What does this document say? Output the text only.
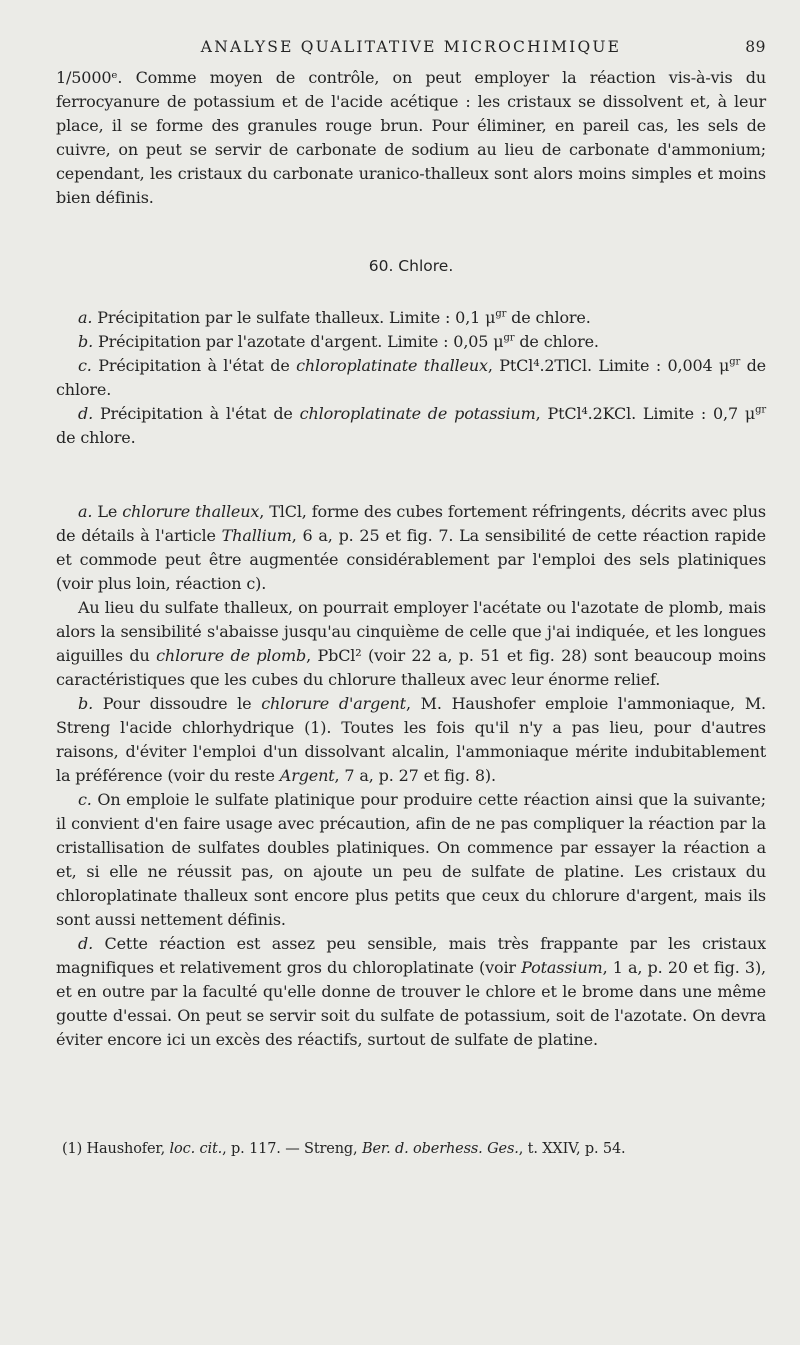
ANALYSE QUALITATIVE MICROCHIMIQUE	89

1/5000ᵉ. Comme moyen de contrôle, on peut employer la réaction vis-à-vis du ferrocyanure de potassium et de l'acide acétique : les cristaux se dissolvent et, à leur place, il se forme des granules rouge brun. Pour éliminer, en pareil cas, les sels de cuivre, on peut se servir de carbonate de sodium au lieu de carbonate d'ammonium; cependant, les cristaux du carbonate uranico-thalleux sont alors moins simples et moins bien définis.

60. Chlore.

a. Précipitation par le sulfate thalleux. Limite : 0,1 $\mu^{gr}$ de chlore.

b. Précipitation par l'azotate d'argent. Limite : 0,05 $\mu^{gr}$ de chlore.

c. Précipitation à l'état de chloroplatinate thalleux, PtCl⁴.2TlCl. Limite : 0,004 $\mu^{gr}$ de chlore.

d. Précipitation à l'état de chloroplatinate de potassium, PtCl⁴.2KCl. Limite : 0,7 $\mu^{gr}$ de chlore.

a. Le chlorure thalleux, TlCl, forme des cubes fortement réfringents, décrits avec plus de détails à l'article Thallium, 6 a, p. 25 et fig. 7. La sensibilité de cette réaction rapide et commode peut être augmentée considérablement par l'emploi des sels platiniques (voir plus loin, réaction c).

Au lieu du sulfate thalleux, on pourrait employer l'acétate ou l'azotate de plomb, mais alors la sensibilité s'abaisse jusqu'au cinquième de celle que j'ai indiquée, et les longues aiguilles du chlorure de plomb, PbCl² (voir 22 a, p. 51 et fig. 28) sont beaucoup moins caractéristiques que les cubes du chlorure thalleux avec leur énorme relief.

b. Pour dissoudre le chlorure d'argent, M. Haushofer emploie l'ammoniaque, M. Streng l'acide chlorhydrique (1). Toutes les fois qu'il n'y a pas lieu, pour d'autres raisons, d'éviter l'emploi d'un dissolvant alcalin, l'ammoniaque mérite indubitablement la préférence (voir du reste Argent, 7 a, p. 27 et fig. 8).

c. On emploie le sulfate platinique pour produire cette réaction ainsi que la suivante; il convient d'en faire usage avec précaution, afin de ne pas compliquer la réaction par la cristallisation de sulfates doubles platiniques. On commence par essayer la réaction a et, si elle ne réussit pas, on ajoute un peu de sulfate de platine. Les cristaux du chloroplatinate thalleux sont encore plus petits que ceux du chlorure d'argent, mais ils sont aussi nettement définis.

d. Cette réaction est assez peu sensible, mais très frappante par les cristaux magnifiques et relativement gros du chloroplatinate (voir Potassium, 1 a, p. 20 et fig. 3), et en outre par la faculté qu'elle donne de trouver le chlore et le brome dans une même goutte d'essai. On peut se servir soit du sulfate de potassium, soit de l'azotate. On devra éviter encore ici un excès des réactifs, surtout de sulfate de platine.

(1) Haushofer, loc. cit., p. 117. — Streng, Ber. d. oberhess. Ges., t. XXIV, p. 54.
